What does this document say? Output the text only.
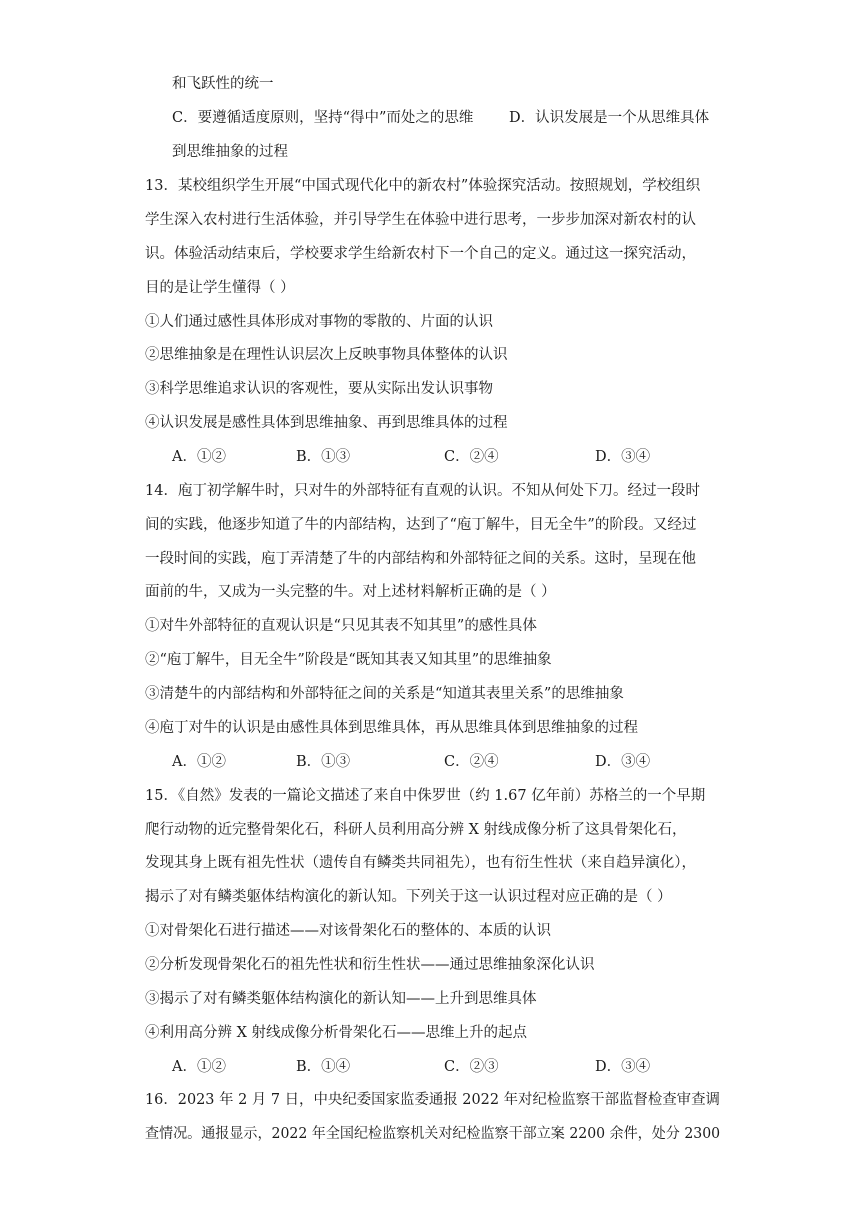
和飞跃性的统一
C．要遵循适度原则，坚持“得中”而处之的思维 D．认识发展是一个从思维具体
到思维抽象的过程
13．某校组织学生开展“中国式现代化中的新农村”体验探究活动。按照规划，学校组织
学生深入农村进行生活体验，并引导学生在体验中进行思考，一步步加深对新农村的认
识。体验活动结束后，学校要求学生给新农村下一个自己的定义。通过这一探究活动，
目的是让学生懂得（ ）
①人们通过感性具体形成对事物的零散的、片面的认识
②思维抽象是在理性认识层次上反映事物具体整体的认识
③科学思维追求认识的客观性，要从实际出发认识事物
④认识发展是感性具体到思维抽象、再到思维具体的过程
A．①②	B．①③	C．②④	D．③④
14．庖丁初学解牛时，只对牛的外部特征有直观的认识。不知从何处下刀。经过一段时
间的实践，他逐步知道了牛的内部结构，达到了“庖丁解牛，目无全牛”的阶段。又经过
一段时间的实践，庖丁弄清楚了牛的内部结构和外部特征之间的关系。这时，呈现在他
面前的牛，又成为一头完整的牛。对上述材料解析正确的是（ ）
①对牛外部特征的直观认识是“只见其表不知其里”的感性具体
②“庖丁解牛，目无全牛”阶段是“既知其表又知其里”的思维抽象
③清楚牛的内部结构和外部特征之间的关系是“知道其表里关系”的思维抽象
④庖丁对牛的认识是由感性具体到思维具体，再从思维具体到思维抽象的过程
A．①②	B．①③	C．②④	D．③④
15．《自然》发表的一篇论文描述了来自中侏罗世（约 1.67 亿年前）苏格兰的一个早期
爬行动物的近完整骨架化石，科研人员利用高分辨 X 射线成像分析了这具骨架化石，
发现其身上既有祖先性状（遗传自有鳞类共同祖先），也有衍生性状（来自趋异演化），
揭示了对有鳞类躯体结构演化的新认知。下列关于这一认识过程对应正确的是（ ）
①对骨架化石进行描述——对该骨架化石的整体的、本质的认识
②分析发现骨架化石的祖先性状和衍生性状——通过思维抽象深化认识
③揭示了对有鳞类躯体结构演化的新认知——上升到思维具体
④利用高分辨 X 射线成像分析骨架化石——思维上升的起点
A．①②	B．①④	C．②③	D．③④
16．2023 年 2 月 7 日，中央纪委国家监委通报 2022 年对纪检监察干部监督检查审查调
查情况。通报显示，2022 年全国纪检监察机关对纪检监察干部立案 2200 余件，处分 2300
